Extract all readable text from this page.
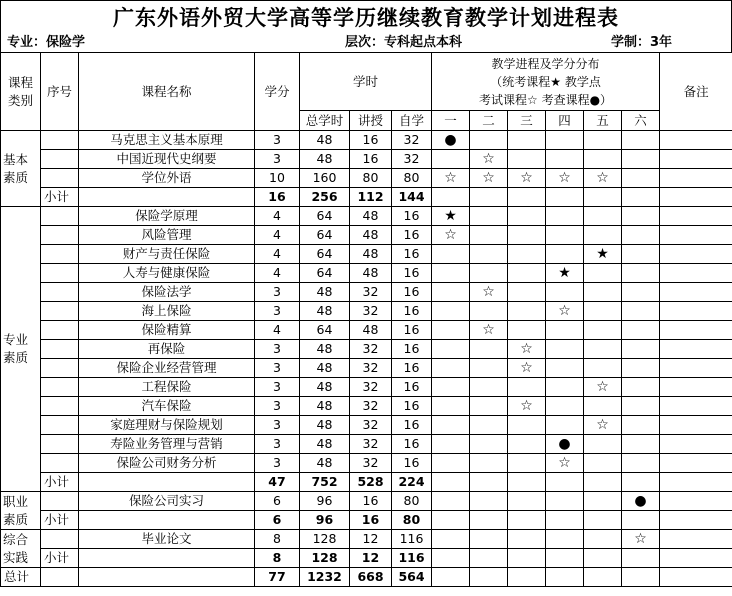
广东外语外贸大学高等学历继续教育教学计划进程表
专业：保险学	层次：专科起点本科	学制：3年
课程类别	序号	课程名称	学分	学时			教学进程及学分分布
（统考课程★ 教学点
考试课程☆ 考查课程●）						备注
				总学时	讲授	自学	一	二	三	四	五	六	
基本素质		马克思主义基本原理	3	48	16	32	●						
		中国近现代史纲要	3	48	16	32		☆					
		学位外语	10	160	80	80	☆	☆	☆	☆	☆		
	小计		16	256	112	144							
专业素质		保险学原理	4	64	48	16	★						
		风险管理	4	64	48	16	☆						
		财产与责任保险	4	64	48	16					★		
		人寿与健康保险	4	64	48	16				★			
		保险法学	3	48	32	16		☆					
		海上保险	3	48	32	16				☆			
		保险精算	4	64	48	16		☆					
		再保险	3	48	32	16			☆				
		保险企业经营管理	3	48	32	16			☆				
		工程保险	3	48	32	16					☆		
		汽车保险	3	48	32	16			☆				
		家庭理财与保险规划	3	48	32	16					☆		
		寿险业务管理与营销	3	48	32	16				●			
		保险公司财务分析	3	48	32	16				☆			
	小计		47	752	528	224							
职业素质		保险公司实习	6	96	16	80						●	
	小计		6	96	16	80							
综合实践		毕业论文	8	128	12	116						☆	
	小计		8	128	12	116							
总计			77	1232	668	564							
